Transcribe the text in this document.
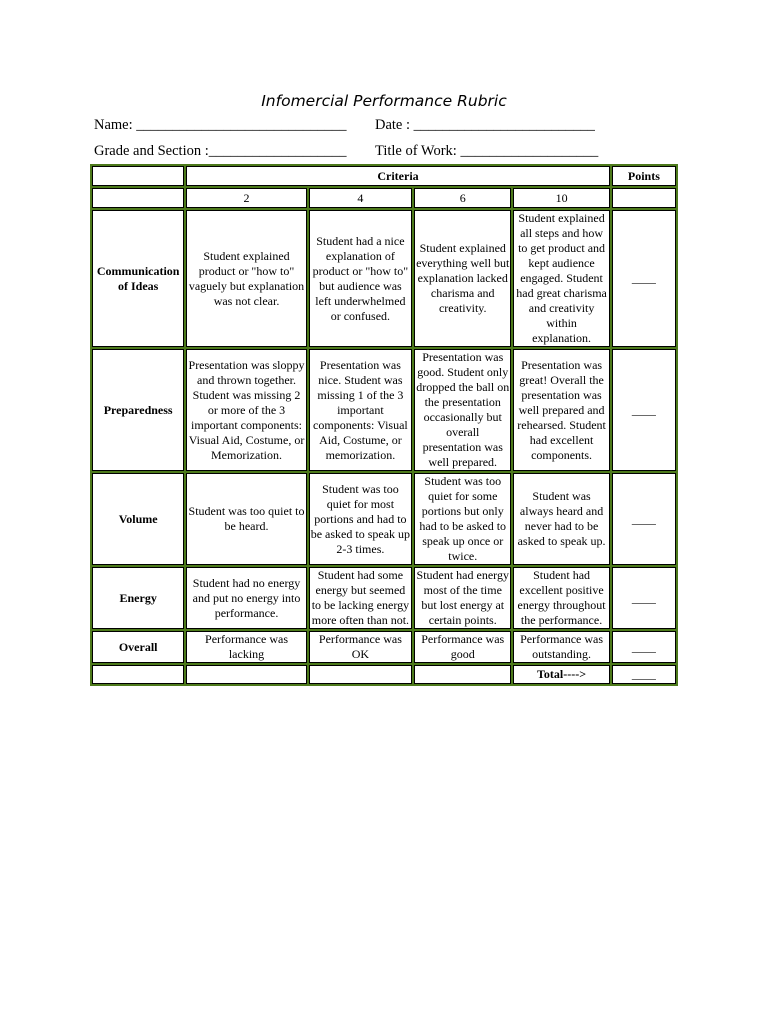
Infomercial Performance Rubric
Name: _____________________________ Date : _________________________
Grade and Section :___________________ Title of Work: ___________________
	Criteria				Points
	2	4	6	10	
Communication of Ideas	Student explained product or "how to" vaguely but explanation was not clear.	Student had a nice explanation of product or "how to" but audience was left underwhelmed or confused.	Student explained everything well but explanation lacked charisma and creativity.	Student explained all steps and how to get product and kept audience engaged. Student had great charisma and creativity within explanation.	____
Preparedness	Presentation was sloppy and thrown together. Student was missing 2 or more of the 3 important components: Visual Aid, Costume, or Memorization.	Presentation was nice. Student was missing 1 of the 3 important components: Visual Aid, Costume, or memorization.	Presentation was good. Student only dropped the ball on the presentation occasionally but overall presentation was well prepared.	Presentation was great! Overall the presentation was well prepared and rehearsed. Student had excellent components.	____
Volume	Student was too quiet to be heard.	Student was too quiet for most portions and had to be asked to speak up 2-3 times.	Student was too quiet for some portions but only had to be asked to speak up once or twice.	Student was always heard and never had to be asked to speak up.	____
Energy	Student had no energy and put no energy into performance.	Student had some energy but seemed to be lacking energy more often than not.	Student had energy most of the time but lost energy at certain points.	Student had excellent positive energy throughout the performance.	____
Overall	Performance was lacking	Performance was OK	Performance was good	Performance was outstanding.	____
				Total---->	____
